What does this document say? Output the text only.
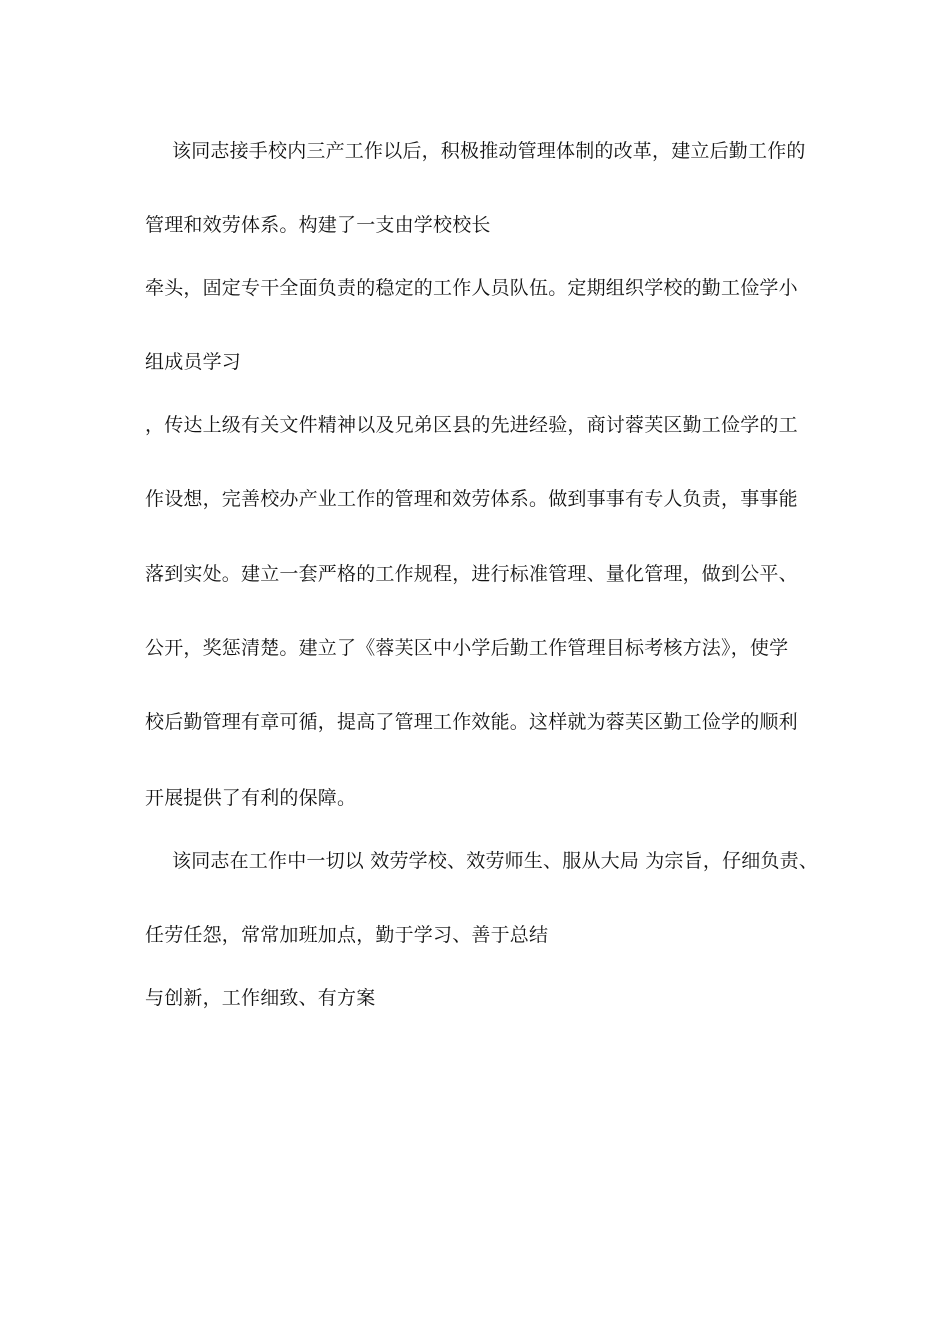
该同志接手校内三产工作以后，积极推动管理体制的改革，建立后勤工作的
管理和效劳体系。构建了一支由学校校长
牵头，固定专干全面负责的稳定的工作人员队伍。定期组织学校的勤工俭学小
组成员学习
，传达上级有关文件精神以及兄弟区县的先进经验，商讨蓉芙区勤工俭学的工
作设想，完善校办产业工作的管理和效劳体系。做到事事有专人负责，事事能
落到实处。建立一套严格的工作规程，进行标准管理、量化管理，做到公平、
公开，奖惩清楚。建立了《蓉芙区中小学后勤工作管理目标考核方法》，使学
校后勤管理有章可循，提高了管理工作效能。这样就为蓉芙区勤工俭学的顺利
开展提供了有利的保障。
该同志在工作中一切以 效劳学校、效劳师生、服从大局 为宗旨，仔细负责、
任劳任怨，常常加班加点，勤于学习、善于总结
与创新，工作细致、有方案
